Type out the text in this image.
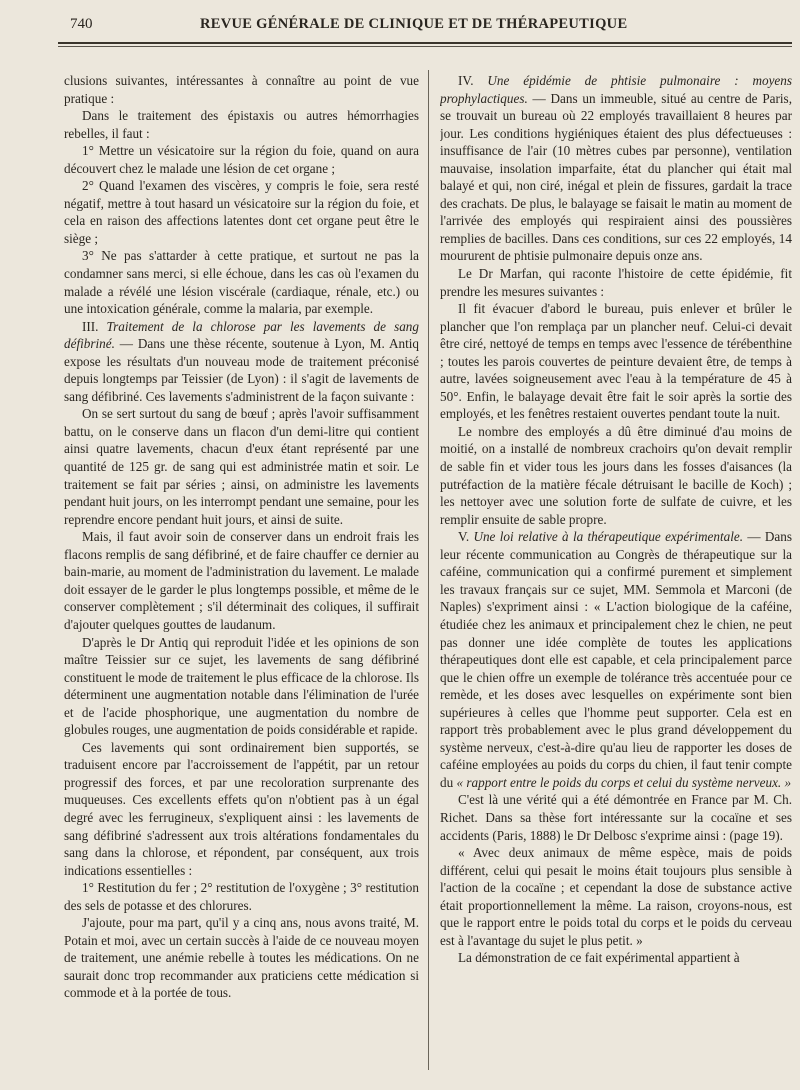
740	REVUE GÉNÉRALE DE CLINIQUE ET DE THÉRAPEUTIQUE

clusions suivantes, intéressantes à connaître au point de vue pratique :

Dans le traitement des épistaxis ou autres hémorrhagies rebelles, il faut :

1° Mettre un vésicatoire sur la région du foie, quand on aura découvert chez le malade une lésion de cet organe ;

2° Quand l'examen des viscères, y compris le foie, sera resté négatif, mettre à tout hasard un vésicatoire sur la région du foie, et cela en raison des affections latentes dont cet organe peut être le siège ;

3° Ne pas s'attarder à cette pratique, et surtout ne pas la condamner sans merci, si elle échoue, dans les cas où l'examen du malade a révélé une lésion viscérale (cardiaque, rénale, etc.) ou une intoxication générale, comme la malaria, par exemple.

III. Traitement de la chlorose par les lavements de sang défibriné. — Dans une thèse récente, soutenue à Lyon, M. Antiq expose les résultats d'un nouveau mode de traitement préconisé depuis longtemps par Teissier (de Lyon) : il s'agit de lavements de sang défibriné. Ces lavements s'administrent de la façon suivante :

On se sert surtout du sang de bœuf ; après l'avoir suffisamment battu, on le conserve dans un flacon d'un demi-litre qui contient ainsi quatre lavements, chacun d'eux étant représenté par une quantité de 125 gr. de sang qui est administrée matin et soir. Le traitement se fait par séries ; ainsi, on administre les lavements pendant huit jours, on les interrompt pendant une semaine, pour les reprendre encore pendant huit jours, et ainsi de suite.

Mais, il faut avoir soin de conserver dans un endroit frais les flacons remplis de sang défibriné, et de faire chauffer ce dernier au bain-marie, au moment de l'administration du lavement. Le malade doit essayer de le garder le plus longtemps possible, et même de le conserver complètement ; s'il déterminait des coliques, il suffirait d'ajouter quelques gouttes de laudanum.

D'après le Dr Antiq qui reproduit l'idée et les opinions de son maître Teissier sur ce sujet, les lavements de sang défibriné constituent le mode de traitement le plus efficace de la chlorose. Ils déterminent une augmentation notable dans l'élimination de l'urée et de l'acide phosphorique, une augmentation du nombre de globules rouges, une augmentation de poids considérable et rapide.

Ces lavements qui sont ordinairement bien supportés, se traduisent encore par l'accroissement de l'appétit, par un retour progressif des forces, et par une recoloration surprenante des muqueuses. Ces excellents effets qu'on n'obtient pas à un égal degré avec les ferrugineux, s'expliquent ainsi : les lavements de sang défibriné s'adressent aux trois altérations fondamentales du sang dans la chlorose, et répondent, par conséquent, aux trois indications essentielles :

1° Restitution du fer ; 2° restitution de l'oxygène ; 3° restitution des sels de potasse et des chlorures.

J'ajoute, pour ma part, qu'il y a cinq ans, nous avons traité, M. Potain et moi, avec un certain succès à l'aide de ce nouveau moyen de traitement, une anémie rebelle à toutes les médications. On ne saurait donc trop recommander aux praticiens cette médication si commode et à la portée de tous.

IV. Une épidémie de phtisie pulmonaire : moyens prophylactiques. — Dans un immeuble, situé au centre de Paris, se trouvait un bureau où 22 employés travaillaient 8 heures par jour. Les conditions hygiéniques étaient des plus défectueuses : insuffisance de l'air (10 mètres cubes par personne), ventilation mauvaise, insolation imparfaite, état du plancher qui était mal balayé et qui, non ciré, inégal et plein de fissures, gardait la trace des crachats. De plus, le balayage se faisait le matin au moment de l'arrivée des employés qui respiraient ainsi des poussières remplies de bacilles. Dans ces conditions, sur ces 22 employés, 14 moururent de phtisie pulmonaire depuis onze ans.

Le Dr Marfan, qui raconte l'histoire de cette épidémie, fit prendre les mesures suivantes :

Il fit évacuer d'abord le bureau, puis enlever et brûler le plancher que l'on remplaça par un plancher neuf. Celui-ci devait être ciré, nettoyé de temps en temps avec l'essence de térébenthine ; toutes les parois couvertes de peinture devaient être, de temps à autre, lavées soigneusement avec l'eau à la température de 45 à 50°. Enfin, le balayage devait être fait le soir après la sortie des employés, et les fenêtres restaient ouvertes pendant toute la nuit.

Le nombre des employés a dû être diminué d'au moins de moitié, on a installé de nombreux crachoirs qu'on devait remplir de sable fin et vider tous les jours dans les fosses d'aisances (la putréfaction de la matière fécale détruisant le bacille de Koch) ; les nettoyer avec une solution forte de sulfate de cuivre, et les remplir ensuite de sable propre.

V. Une loi relative à la thérapeutique expérimentale. — Dans leur récente communication au Congrès de thérapeutique sur la caféine, communication qui a confirmé purement et simplement les travaux français sur ce sujet, MM. Semmola et Marconi (de Naples) s'expriment ainsi : « L'action biologique de la caféine, étudiée chez les animaux et principalement chez le chien, ne peut pas donner une idée complète de toutes les applications thérapeutiques dont elle est capable, et cela principalement parce que le chien offre un exemple de tolérance très accentuée pour ce remède, et les doses avec lesquelles on expérimente sont bien supérieures à celles que l'homme peut supporter. Cela est en rapport très probablement avec le plus grand développement du système nerveux, c'est-à-dire qu'au lieu de rapporter les doses de caféine employées au poids du corps du chien, il faut tenir compte du « rapport entre le poids du corps et celui du système nerveux. »

C'est là une vérité qui a été démontrée en France par M. Ch. Richet. Dans sa thèse fort intéressante sur la cocaïne et ses accidents (Paris, 1888) le Dr Delbosc s'exprime ainsi : (page 19).

« Avec deux animaux de même espèce, mais de poids différent, celui qui pesait le moins était toujours plus sensible à l'action de la cocaïne ; et cependant la dose de substance active était proportionnellement la même. La raison, croyons-nous, est que le rapport entre le poids total du corps et le poids du cerveau est à l'avantage du sujet le plus petit. »

La démonstration de ce fait expérimental appartient à
